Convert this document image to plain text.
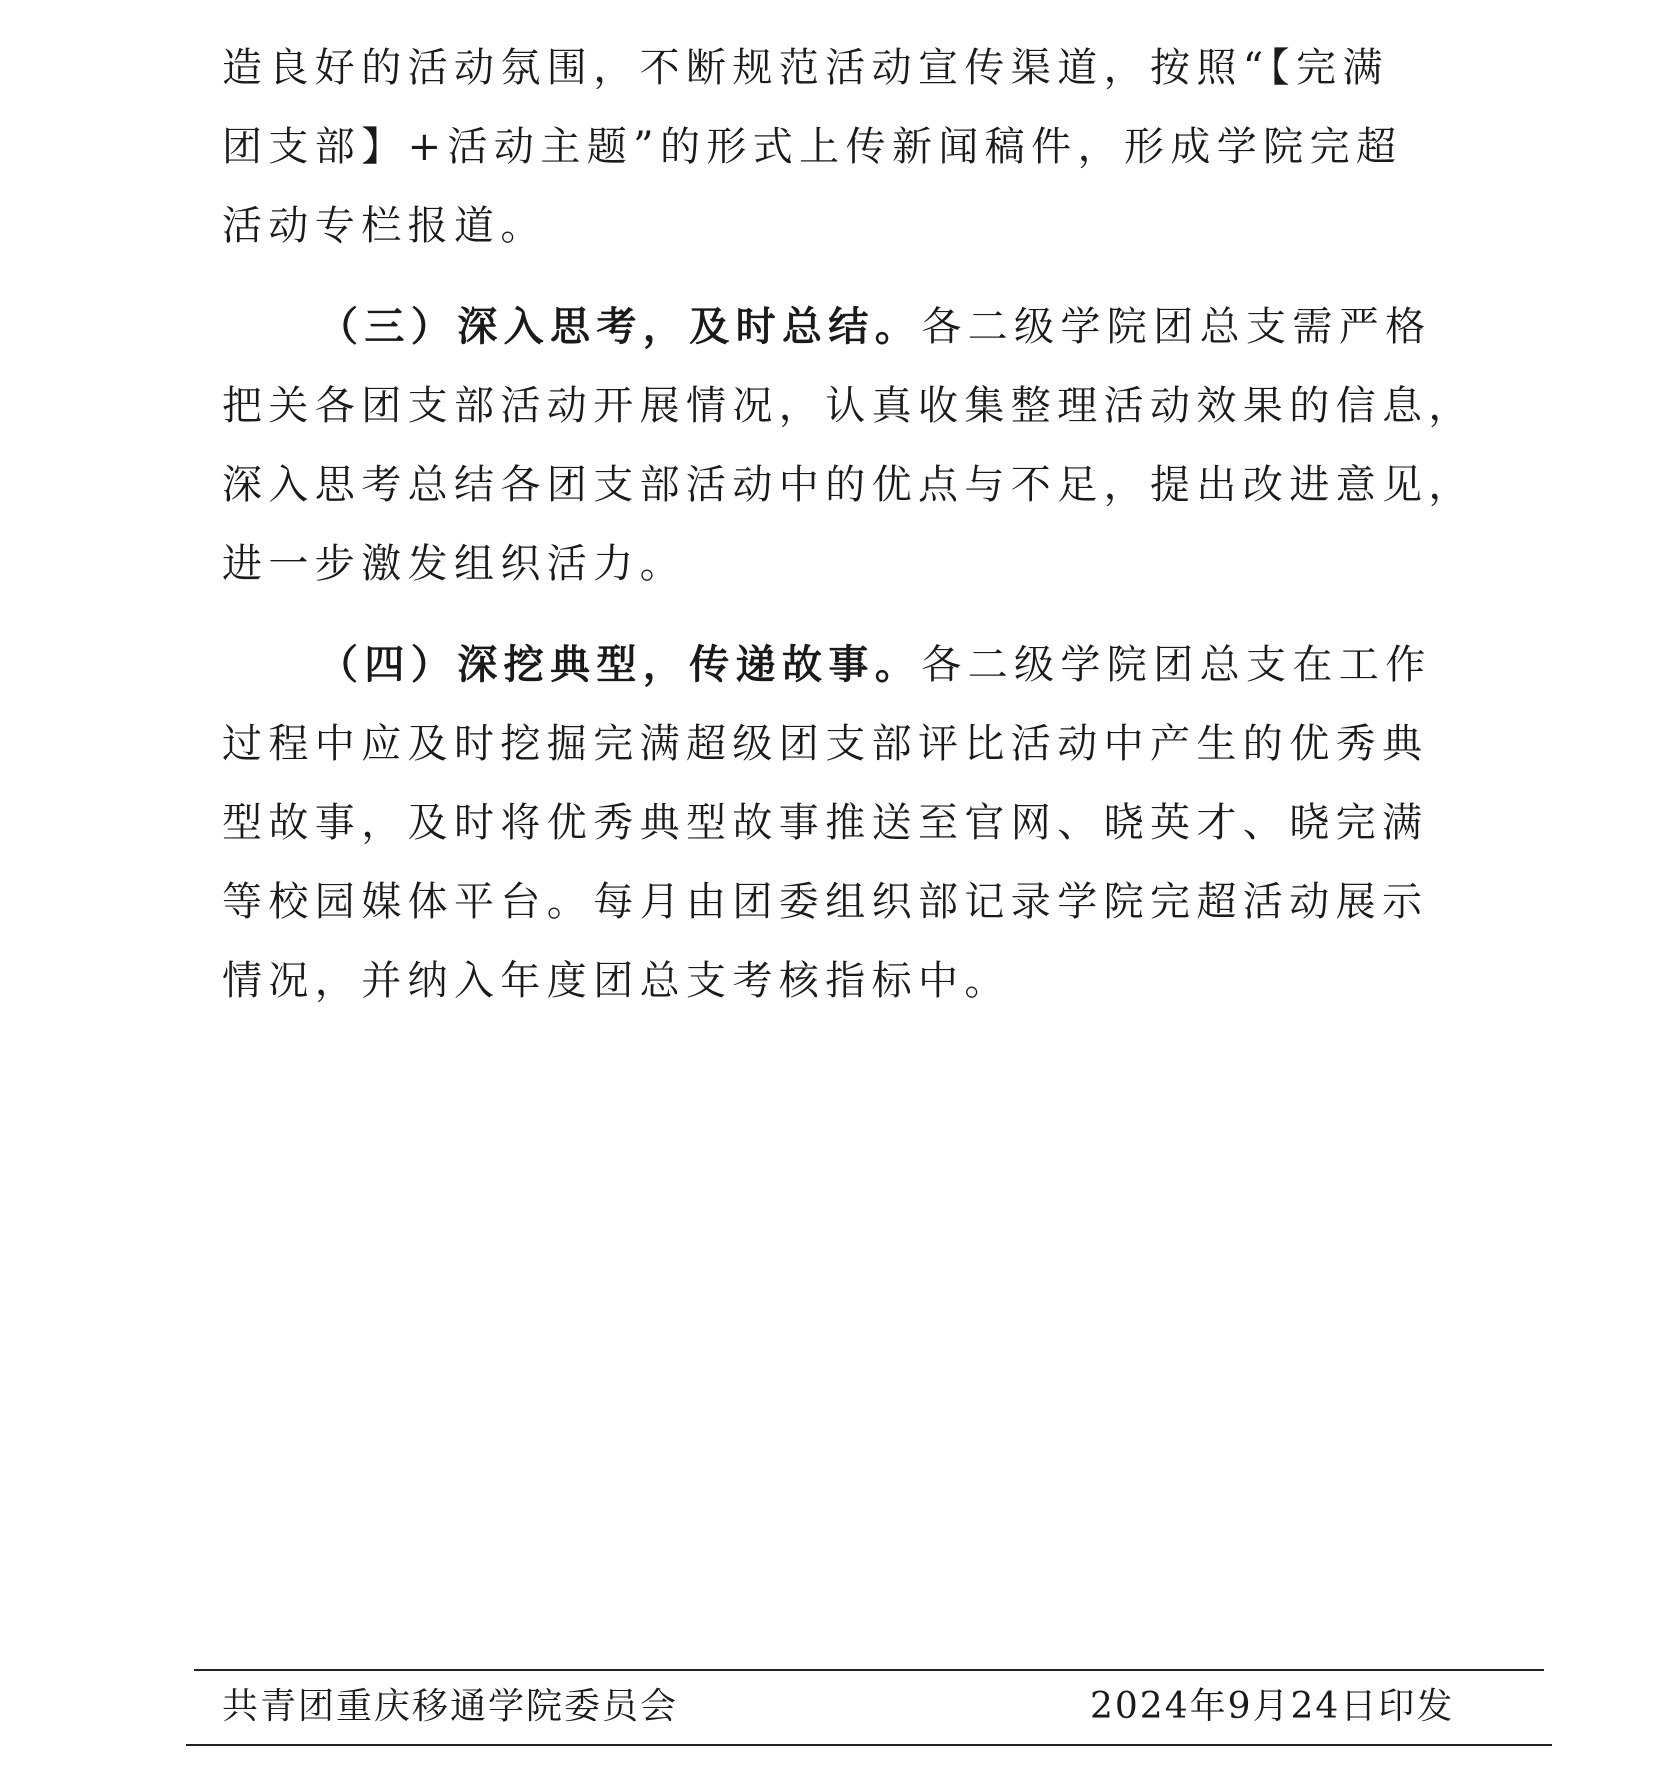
造良好的活动氛围，不断规范活动宣传渠道，按照“【完满
团支部】+活动主题”的形式上传新闻稿件，形成学院完超
活动专栏报道。
（三）深入思考，及时总结。各二级学院团总支需严格
把关各团支部活动开展情况，认真收集整理活动效果的信息，
深入思考总结各团支部活动中的优点与不足，提出改进意见，
进一步激发组织活力。
（四）深挖典型，传递故事。各二级学院团总支在工作
过程中应及时挖掘完满超级团支部评比活动中产生的优秀典
型故事，及时将优秀典型故事推送至官网、晓英才、晓完满
等校园媒体平台。每月由团委组织部记录学院完超活动展示
情况，并纳入年度团总支考核指标中。
共青团重庆移通学院委员会	2024年9月24日印发
